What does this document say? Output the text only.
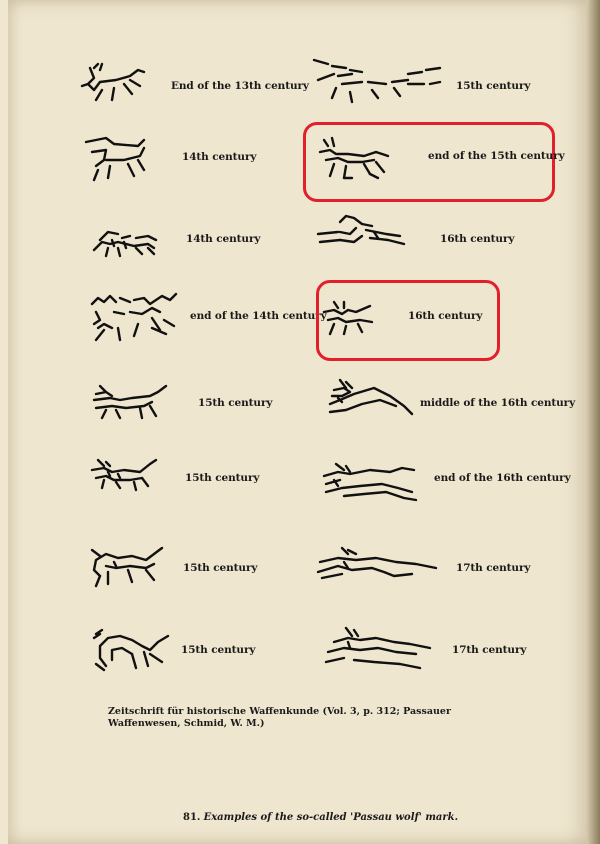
End of the 13th century	15th century
14th century	end of the 15th century
14th century	16th century
end of the 14th century	16th century
15th century	middle of the 16th century
15th century	end of the 16th century
15th century	17th century
15th century	17th century
Zeitschrift für historische Waffenkunde (Vol. 3, p. 312; Passauer Waffenwesen, Schmid, W. M.)
81. Examples of the so-called 'Passau wolf' mark.
